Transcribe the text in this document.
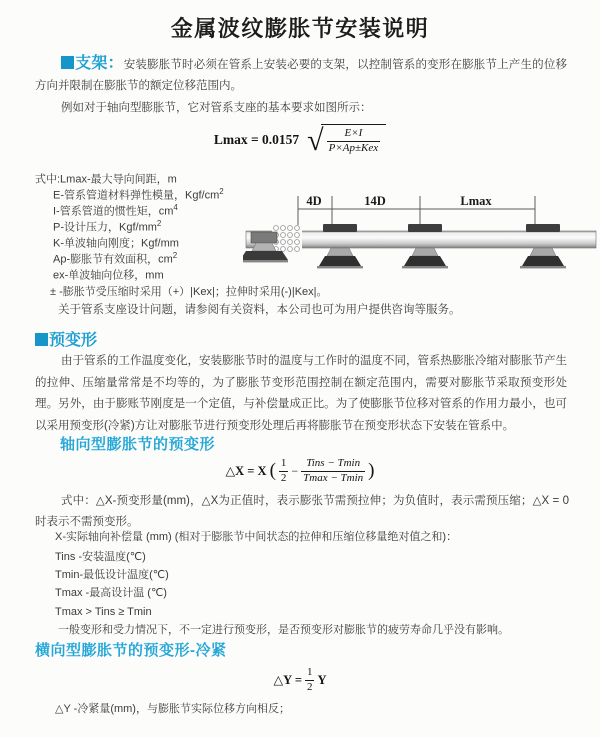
金属波纹膨胀节安装说明

支架：安装膨胀节时必须在管系上安装必要的支架，以控制管系的变形在膨胀节上产生的位移方向并限制在膨胀节的额定位移范围内。

例如对于轴向型膨胀节，它对管系支座的基本要求如图所示：

Lmax = 0.0157 √ $\frac{E\times I}{\text{P×Ap±Kex}}$
式中:Lmax-最大导向间距，m
E-管系管道材料弹性模量，Kgf/$cm^2$
I-管系管道的惯性矩，$cm^4$
P-设计压力，Kgf/$mm^2$
K-单波轴向刚度；Kgf/mm
Ap-膨胀节有效面积，$cm^2$
ex-单波轴向位移，mm
4D	14D	Lmax
± -膨胀节受压缩时采用（+）|Kex|；拉伸时采用(-)|Kex|。
关于管系支座设计问题，请参阅有关资料，本公司也可为用户提供咨询等服务。
预变形
由于管系的工作温度变化，安装膨胀节时的温度与工作时的温度不同，管系热膨胀冷缩对膨胀节产生的拉伸、压缩量常常是不均等的，为了膨胀节变形范围控制在额定范围内，需要对膨胀节采取预变形处理。另外，由于膨账节刚度是一个定值，与补偿量成正比。为了使膨胀节位移对管系的作用力最小，也可以采用预变形(冷紧)方让对膨胀节进行预变形处理后再将膨胀节在预变形状态下安装在管系中。
轴向型膨胀节的预变形
△X = X ( $\frac{1}{2} - \frac{\text{Tins − Tmin}}{Tmax - Tmin}$ )
式中：△X-预变形量(mm)，△X为正值时，表示膨张节需预拉伸；为负值时，表示需预压缩；△X = 0时表示不需预变形。
X-实际轴向补偿量 (mm) (相对于膨胀节中间状态的拉伸和压缩位移量绝对值之和)：
Tins -安装温度(℃)
Tmin-最低设计温度(℃)
Tmax -最高设计温 (℃)
Tmax > Tins ≥ Tmin
一般变形和受力情况下，不一定进行预变形，是否预变形对膨胀节的疲劳寿命几乎没有影响。
横向型膨胀节的预变形-冷紧
△Y = $\frac{1}{2}$ Y
△Y -冷紧量(mm)，与膨胀节实际位移方向相反；
